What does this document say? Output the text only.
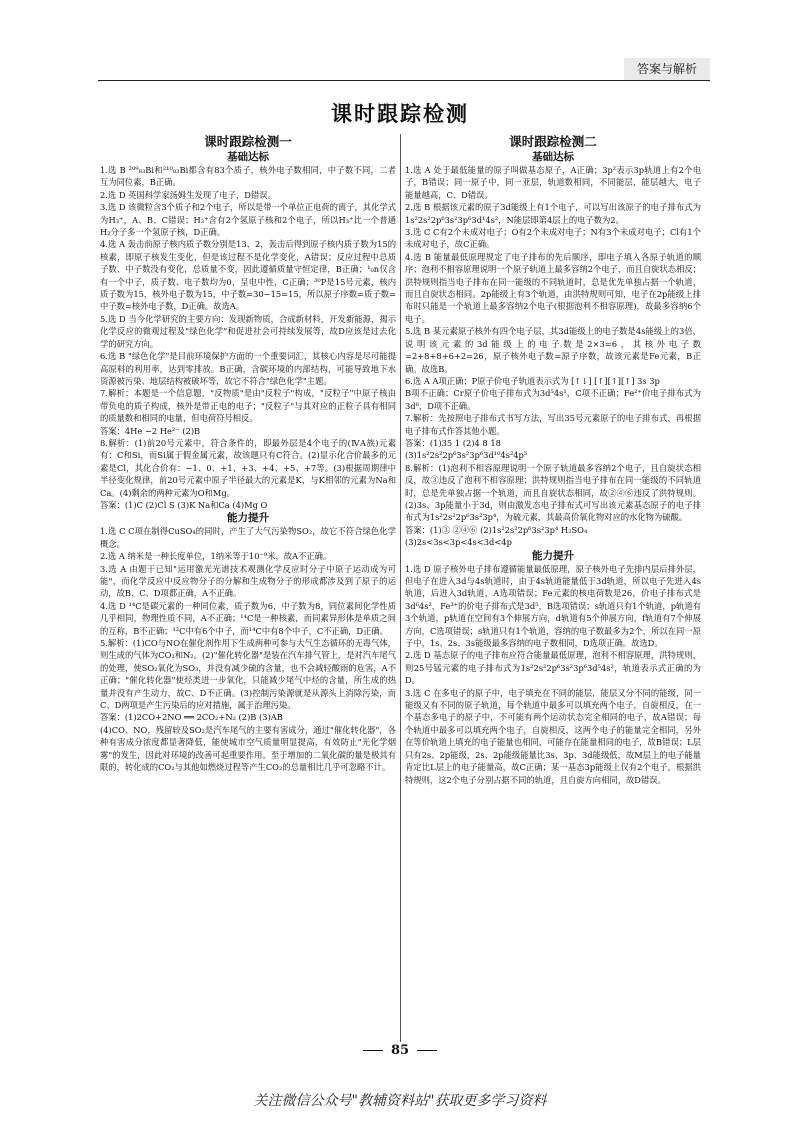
答案与解析
课时跟踪检测
课时跟踪检测一
基础达标

1.选 B ²⁰⁹₈₃Bi和²¹⁰₈₃Bi都含有83个质子，核外电子数相同，中子数不同，二者互为同位素，B正确。

2.选 D 英国科学家汤姆生发现了电子，D错误。

3.选 D 该微粒含3个质子和2个电子，所以是带一个单位正电荷的离子，其化学式为H₃⁺，A、B、C错误；H₃⁺含有2个氢原子核和2个电子，所以H₃⁺比一个普通H₂分子多一个氢原子核，D正确。

4.选 A 轰击前原子核内质子数分别是13、2，轰击后得到原子核内质子数为15的核素，即原子核发生变化，但是该过程不是化学变化，A错误；反应过程中总质子数、中子数没有变化，总质量不变，因此遵循质量守恒定律，B正确；¹₀n仅含有一个中子，质子数、电子数均为0，呈电中性，C正确；³⁰P是15号元素，核内质子数为15，核外电子数为15，中子数=30−15=15，所以原子序数=质子数=中子数=核外电子数，D正确。故选A。

5.选 D 当今化学研究的主要方向：发现新物质，合成新材料，开发新能源，揭示化学反应的微观过程及"绿色化学"和促进社会可持续发展等，故D应该是过去化学的研究方向。

6.选 B "绿色化学"是目前环境保护方面的一个重要词汇，其核心内容是尽可能提高原料的利用率，达到零排放。B正确，含碳环境的内部结构，可能导致地下水资源被污染、地层结构被破坏等，故它不符合"绿色化学"主题。

7.解析：本题是一个信息题，"反物质"是由"反粒子"构成，"反粒子"中原子核由带负电的质子构成，核外是带正电的电子；"反粒子"与其对应的正粒子具有相同的质量数和相同的电量，但电荷符号相反。

答案：4He −2 He²⁻ (2)B

8.解析：(1)前20号元素中，符合条件的，即最外层是4个电子的(ⅣA族)元素有：C和Si，而Si属于假金属元素，故该题只有C符合。(2)显示化合价最多的元素是Cl，其化合价有：−1、0、+1、+3、+4、+5、+7等。(3)根据周期律中半径变化规律，前20号元素中原子半径最大的元素是K，与K相邻的元素为Na和Ca。(4)剩余的两种元素为O和Mg。

答案：(1)C (2)Cl S (3)K Na和Ca (4)Mg O

能力提升

1.选 C C项在制得CuSO₄的同时，产生了大气污染物SO₂，故它不符合绿色化学概念。

2.选 A 纳米是一种长度单位，1纳米等于10⁻⁹米，故A不正确。

3.选 A 由题干已知"运用激光光谱技术观测化学反应时分子中原子运动成为可能"，而化学反应中反应物分子的分解和生成物分子的形成都涉及到了原子的运动，故B、C、D项都正确，A不正确。

4.选 D ¹⁴C是碳元素的一种同位素，质子数为6，中子数为8，同位素间化学性质几乎相同，物理性质不同，A不正确；¹⁴C是一种核素，而同素异形体是单质之间的互称，B不正确；¹²C中有6个中子，而¹⁴C中有8个中子，C不正确，D正确。

5.解析：(1)CO与NO在催化剂作用下生成两种可参与大气生态循环的无毒气体，则生成的气体为CO₂和N₂。(2)"催化转化器"是装在汽车排气管上，是对汽车尾气的处理，使SO₂氧化为SO₃，并没有减少硫的含量，也不会减轻酸雨的危害，A不正确；"催化转化器"使烃类进一步氧化，只能减少尾气中烃的含量，所生成的热量并没有产生动力，故C、D不正确。(3)控制污染源就是从源头上消除污染，而C、D两项是产生污染后的应对措施，属于治理污染。

答案：(1)2CO+2NO ══ 2CO₂+N₂ (2)B (3)AB

(4)CO、NO，残留较及SO₂是汽车尾气的主要有害成分，通过"催化转化器"，各种有害成分浓度都显著降低，能使城市空气质量明显提高，有效防止"光化学烟雾"的发生，因此对环境的改善可起重要作用。至于增加的二氧化碳的量是极其有限的，转化成的CO₂与其他如燃烧过程等产生CO₂的总量相比几乎可忽略不计。

课时跟踪检测二
基础达标

1.选 A 处于最低能量的原子叫做基态原子，A正确；3p²表示3p轨道上有2个电子，B错误；同一原子中，同一亚层，轨道数相同，不同能层，能层越大，电子能量越高，C、D错误。

2.选 B 根据该元素的原子3d能级上有1个电子，可以写出该原子的电子排布式为1s²2s²2p⁶3s²3p⁶3d¹4s²，N能层即第4层上的电子数为2。

3.选 C C有2个未成对电子；O有2个未成对电子；N有3个未成对电子；Cl有1个未成对电子，故C正确。

4.选 B 能量最低原理规定了电子排布的先后顺序，即电子填入各原子轨道的顺序；泡利不相容原理说明一个原子轨道上最多容纳2个电子，而且自旋状态相反；洪特规则指当电子排布在同一能级的不同轨道时，总是优先单独占据一个轨道，而且自旋状态相同。2p能级上有3个轨道，由洪特规则可知，电子在2p能级上排布时只能是一个轨道上最多容纳2个电子(根据泡利不相容原理)，故最多容纳6个电子。

5.选 B 某元素原子核外有四个电子层，其3d能级上的电子数是4s能级上的3倍，说明该元素的3d能级上的电子数是2×3=6，其核外电子数=2+8+8+6+2=26，原子核外电子数=原子序数，故该元素是Fe元素，B正确。故选B。

6.选 A A项正确；P原子价电子轨道表示式为 [↑↓] [↑][↑][↑] 3s 3p

B项不正确；Cr原子价电子排布式为3d⁵4s¹，C项不正确；Fe²⁺价电子排布式为3d⁶，D项不正确。

7.解析：先按照电子排布式书写方法，写出35号元素原子的电子排布式，再根据电子排布式作答其他小题。

答案：(1)35 1 (2)4 8 18

(3)1s²2s²2p⁶3s²3p⁶3d¹⁰4s²4p⁵

8.解析：(1)泡利不相容原理说明一个原子轨道最多容纳2个电子，且自旋状态相反，故③违反了泡利不相容原理；洪特规则指当电子排布在同一能级的不同轨道时，总是先单独占据一个轨道，而且自旋状态相同，故②④⑥违反了洪特规则。(2)3s、3p能量小于3d，则由激发态电子排布式可写出该元素基态原子的电子排布式为1s²2s²2p⁶3s²3p⁴，为硫元素，其最高价氧化物对应的水化物为硫酸。

答案：(1)③ ②④⑥ (2)1s²2s²2p⁶3s²3p⁴ H₂SO₄

(3)2s<3s<3p<4s<3d<4p

能力提升

1.选 D 原子核外电子排布遵循能量最低原理，原子核外电子先排内层后排外层，但电子在进入3d与4s轨道时，由于4s轨道能量低于3d轨道，所以电子先进入4s轨道，后进入3d轨道，A选项错误；Fe元素的核电荷数是26，价电子排布式是3d⁶4s²，Fe³⁺的价电子排布式是3d⁵，B选项错误；s轨道只有1个轨道，p轨道有3个轨道，p轨道在空间有3个伸展方向，d轨道有5个伸展方向，f轨道有7个伸展方向，C选项错误；s轨道只有1个轨道，容纳的电子数最多为2个，所以在同一原子中，1s、2s、3s能级最多容纳的电子数相同，D选项正确。故选D。

2.选 D 基态原子的电子排布应符合能量最低原理，泡利不相容原理，洪特规则，则25号锰元素的电子排布式为1s²2s²2p⁶3s²3p⁶3d⁵4s²，轨道表示式正确的为D。

3.选 C 在多电子的原子中，电子填充在不同的能层，能层又分不同的能级，同一能级又有不同的原子轨道，每个轨道中最多可以填充两个电子，自旋相反，在一个基态多电子的原子中，不可能有两个运动状态完全相同的电子，故A错误；每个轨道中最多可以填充两个电子，自旋相反，这两个电子的能量完全相同，另外在等价轨道上填充的电子能量也相同，可能存在能量相同的电子，故B错误；L层只有2s、2p能级，2s、2p能级能量比3s、3p、3d能级低，故M层上的电子能量肯定比L层上的电子能量高，故C正确；某一基态3p能级上仅有2个电子，根据洪特规则，这2个电子分别占据不同的轨道，且自旋方向相同，故D错误。

85
关注微信公众号"教辅资料站"获取更多学习资料
